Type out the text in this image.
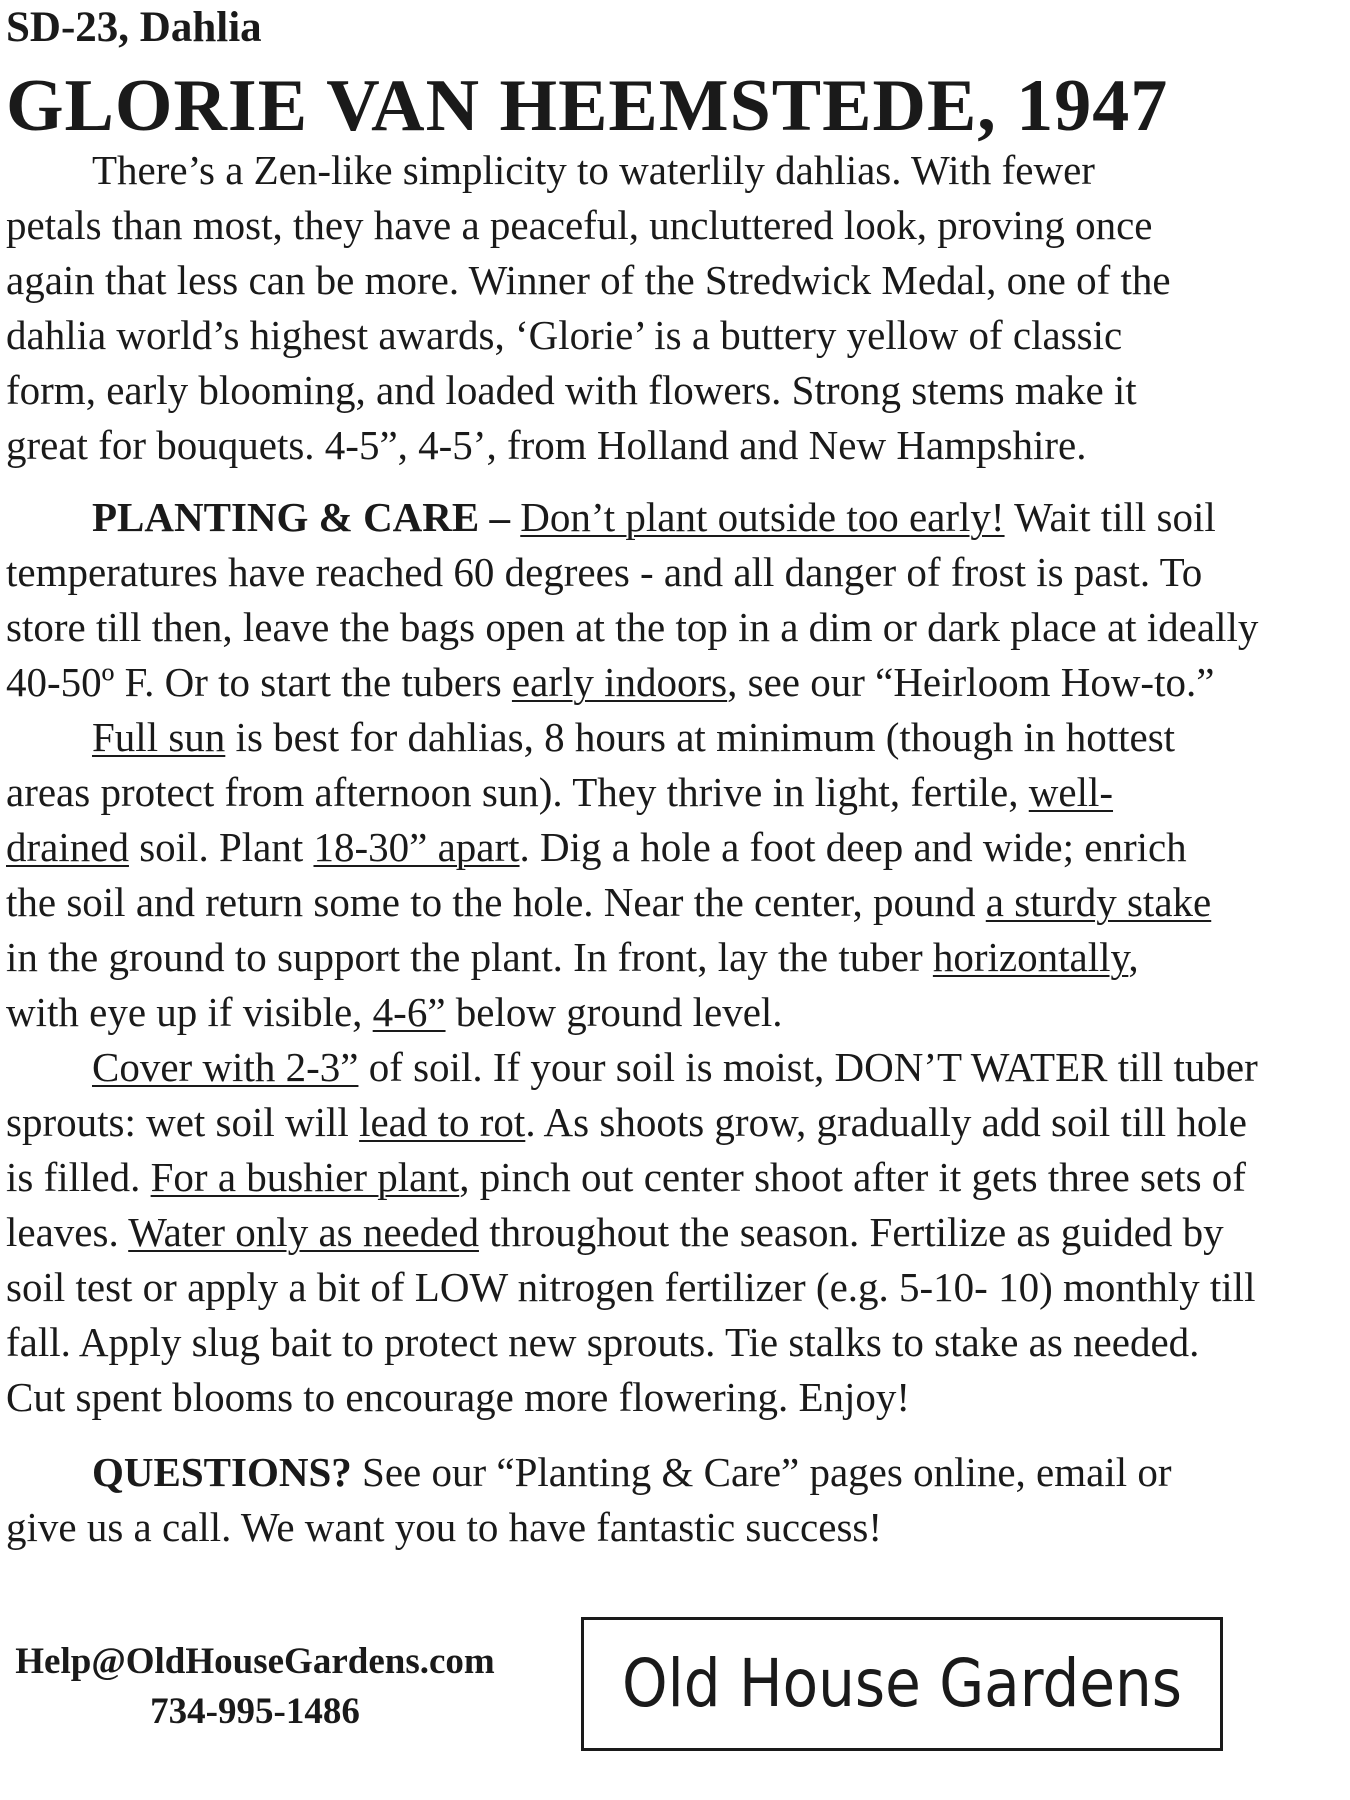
SD-23, Dahlia
GLORIE VAN HEEMSTEDE, 1947

There’s a Zen-like simplicity to waterlily dahlias. With fewer
petals than most, they have a peaceful, uncluttered look, proving once
again that less can be more. Winner of the Stredwick Medal, one of the
dahlia world’s highest awards, ‘Glorie’ is a buttery yellow of classic
form, early blooming, and loaded with flowers. Strong stems make it
great for bouquets. 4-5”, 4-5’, from Holland and New Hampshire.

PLANTING & CARE – Don’t plant outside too early! Wait till soil
temperatures have reached 60 degrees - and all danger of frost is past. To
store till then, leave the bags open at the top in a dim or dark place at ideally
40-50º F. Or to start the tubers early indoors, see our “Heirloom How-to.”
Full sun is best for dahlias, 8 hours at minimum (though in hottest
areas protect from afternoon sun). They thrive in light, fertile, well-
drained soil. Plant 18-30” apart. Dig a hole a foot deep and wide; enrich
the soil and return some to the hole. Near the center, pound a sturdy stake
in the ground to support the plant. In front, lay the tuber horizontally,
with eye up if visible, 4-6” below ground level.
Cover with 2-3” of soil. If your soil is moist, DON’T WATER till tuber
sprouts: wet soil will lead to rot. As shoots grow, gradually add soil till hole
is filled. For a bushier plant, pinch out center shoot after it gets three sets of
leaves. Water only as needed throughout the season. Fertilize as guided by
soil test or apply a bit of LOW nitrogen fertilizer (e.g. 5-10- 10) monthly till
fall. Apply slug bait to protect new sprouts. Tie stalks to stake as needed.
Cut spent blooms to encourage more flowering. Enjoy!

QUESTIONS? See our “Planting & Care” pages online, email or
give us a call. We want you to have fantastic success!

Help@OldHouseGardens.com
734-995-1486	Old House Gardens
